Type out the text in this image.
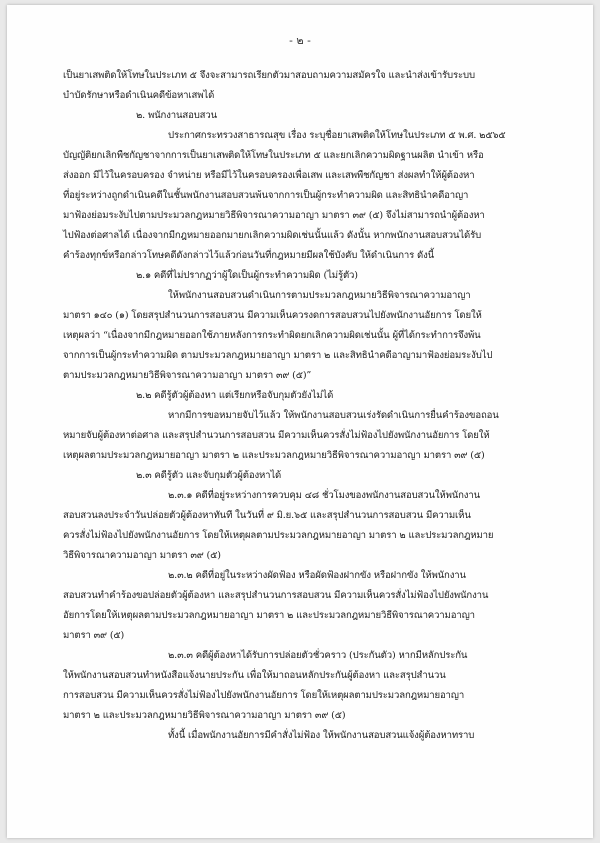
- ๒ -
เป็นยาเสพติดให้โทษในประเภท ๕ จึงจะสามารถเรียกตัวมาสอบถามความสมัครใจ และนำส่งเข้ารับระบบ
บำบัดรักษาหรือดำเนินคดีข้อหาเสพได้
๒. พนักงานสอบสวน
ประกาศกระทรวงสาธารณสุข เรื่อง ระบุชื่อยาเสพติดให้โทษในประเภท ๕ พ.ศ. ๒๕๖๕
บัญญัติยกเลิกพืชกัญชาจากการเป็นยาเสพติดให้โทษในประเภท ๕ และยกเลิกความผิดฐานผลิต นำเข้า หรือ
ส่งออก มีไว้ในครอบครอง จำหน่าย หรือมีไว้ในครอบครองเพื่อเสพ และเสพพืชกัญชา ส่งผลทำให้ผู้ต้องหา
ที่อยู่ระหว่างถูกดำเนินคดีในชั้นพนักงานสอบสวนพ้นจากการเป็นผู้กระทำความผิด และสิทธินำคดีอาญา
มาฟ้องย่อมระงับไปตามประมวลกฎหมายวิธีพิจารณาความอาญา มาตรา ๓๙ (๕) จึงไม่สามารถนำผู้ต้องหา
ไปฟ้องต่อศาลได้ เนื่องจากมีกฎหมายออกมายกเลิกความผิดเช่นนั้นแล้ว ดังนั้น หากพนักงานสอบสวนได้รับ
คำร้องทุกข์หรือกล่าวโทษคดีดังกล่าวไว้แล้วก่อนวันที่กฎหมายมีผลใช้บังคับ ให้ดำเนินการ ดังนี้
๒.๑ คดีที่ไม่ปรากฏว่าผู้ใดเป็นผู้กระทำความผิด (ไม่รู้ตัว)
ให้พนักงานสอบสวนดำเนินการตามประมวลกฎหมายวิธีพิจารณาความอาญา
มาตรา ๑๔๐ (๑) โดยสรุปสำนวนการสอบสวน มีความเห็นควรงดการสอบสวนไปยังพนักงานอัยการ โดยให้
เหตุผลว่า “เนื่องจากมีกฎหมายออกใช้ภายหลังการกระทำผิดยกเลิกความผิดเช่นนั้น ผู้ที่ได้กระทำการจึงพ้น
จากการเป็นผู้กระทำความผิด ตามประมวลกฎหมายอาญา มาตรา ๒ และสิทธินำคดีอาญามาฟ้องย่อมระงับไป
ตามประมวลกฎหมายวิธีพิจารณาความอาญา มาตรา ๓๙ (๕)”
๒.๒ คดีรู้ตัวผู้ต้องหา แต่เรียกหรือจับกุมตัวยังไม่ได้
หากมีการขอหมายจับไว้แล้ว ให้พนักงานสอบสวนเร่งรัดดำเนินการยื่นคำร้องขอถอน
หมายจับผู้ต้องหาต่อศาล และสรุปสำนวนการสอบสวน มีความเห็นควรสั่งไม่ฟ้องไปยังพนักงานอัยการ โดยให้
เหตุผลตามประมวลกฎหมายอาญา มาตรา ๒ และประมวลกฎหมายวิธีพิจารณาความอาญา มาตรา ๓๙ (๕)
๒.๓ คดีรู้ตัว และจับกุมตัวผู้ต้องหาได้
๒.๓.๑ คดีที่อยู่ระหว่างการควบคุม ๔๘ ชั่วโมงของพนักงานสอบสวนให้พนักงาน
สอบสวนลงประจำวันปล่อยตัวผู้ต้องหาทันที ในวันที่ ๙ มิ.ย.๖๕ และสรุปสำนวนการสอบสวน มีความเห็น
ควรสั่งไม่ฟ้องไปยังพนักงานอัยการ โดยให้เหตุผลตามประมวลกฎหมายอาญา มาตรา ๒ และประมวลกฎหมาย
วิธีพิจารณาความอาญา มาตรา ๓๙ (๕)
๒.๓.๒ คดีที่อยู่ในระหว่างผัดฟ้อง หรือผัดฟ้องฝากขัง หรือฝากขัง ให้พนักงาน
สอบสวนทำคำร้องขอปล่อยตัวผู้ต้องหา และสรุปสำนวนการสอบสวน มีความเห็นควรสั่งไม่ฟ้องไปยังพนักงาน
อัยการโดยให้เหตุผลตามประมวลกฎหมายอาญา มาตรา ๒ และประมวลกฎหมายวิธีพิจารณาความอาญา
มาตรา ๓๙ (๕)
๒.๓.๓ คดีผู้ต้องหาได้รับการปล่อยตัวชั่วคราว (ประกันตัว) หากมีหลักประกัน
ให้พนักงานสอบสวนทำหนังสือแจ้งนายประกัน เพื่อให้มาถอนหลักประกันผู้ต้องหา และสรุปสำนวน
การสอบสวน มีความเห็นควรสั่งไม่ฟ้องไปยังพนักงานอัยการ โดยให้เหตุผลตามประมวลกฎหมายอาญา
มาตรา ๒ และประมวลกฎหมายวิธีพิจารณาความอาญา มาตรา ๓๙ (๕)
ทั้งนี้ เมื่อพนักงานอัยการมีคำสั่งไม่ฟ้อง ให้พนักงานสอบสวนแจ้งผู้ต้องหาทราบ
